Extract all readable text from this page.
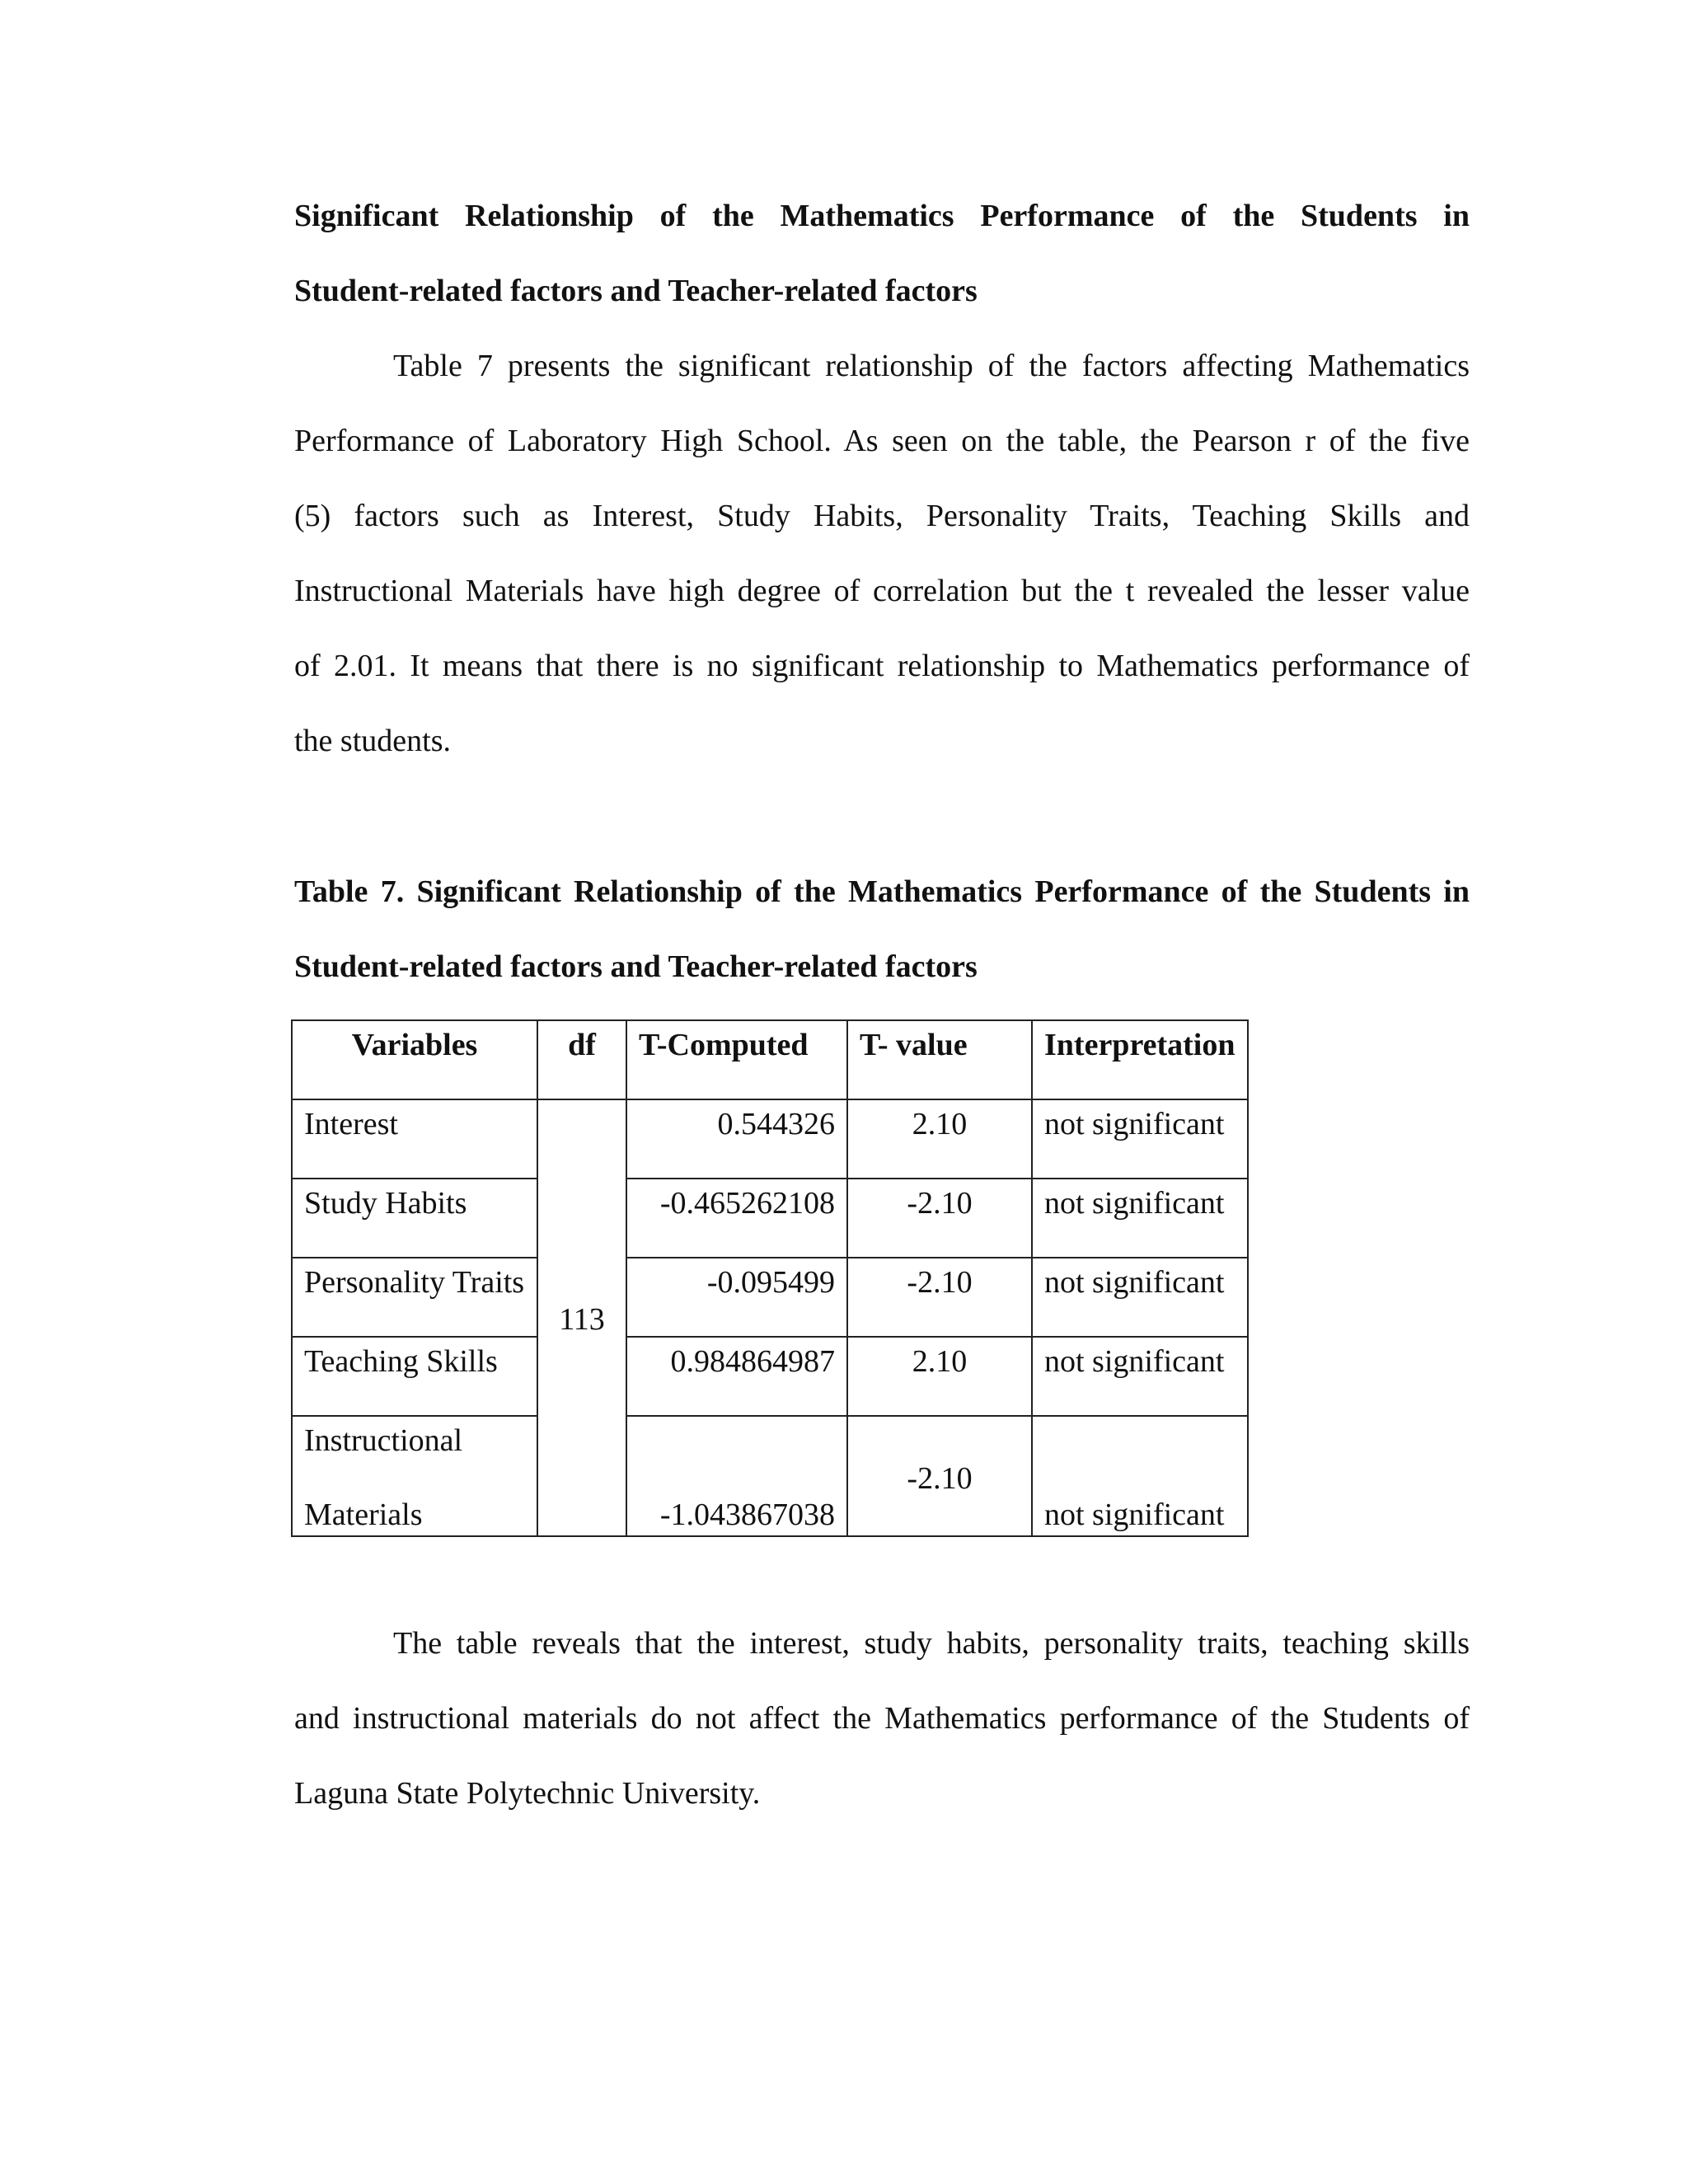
Significant Relationship of the Mathematics Performance of the Students in
Student-related factors and Teacher-related factors
Table 7 presents the significant relationship of the factors affecting Mathematics
Performance of Laboratory High School. As seen on the table, the Pearson r of the five
(5) factors such as Interest, Study Habits, Personality Traits, Teaching Skills and
Instructional Materials have high degree of correlation but the t revealed the lesser value
of 2.01. It means that there is no significant relationship to Mathematics performance of
the students.
Table 7. Significant Relationship of the Mathematics Performance of the Students in
Student-related factors and Teacher-related factors
Variables	df	T-Computed	T- value	Interpretation
Interest	113	0.544326	2.10	not significant
Study Habits		-0.465262108	-2.10	not significant
Personality Traits		-0.095499	-2.10	not significant
Teaching Skills		0.984864987	2.10	not significant
Instructional
Materials		-1.043867038	-2.10	not significant
The table reveals that the interest, study habits, personality traits, teaching skills
and instructional materials do not affect the Mathematics performance of the Students of
Laguna State Polytechnic University.
